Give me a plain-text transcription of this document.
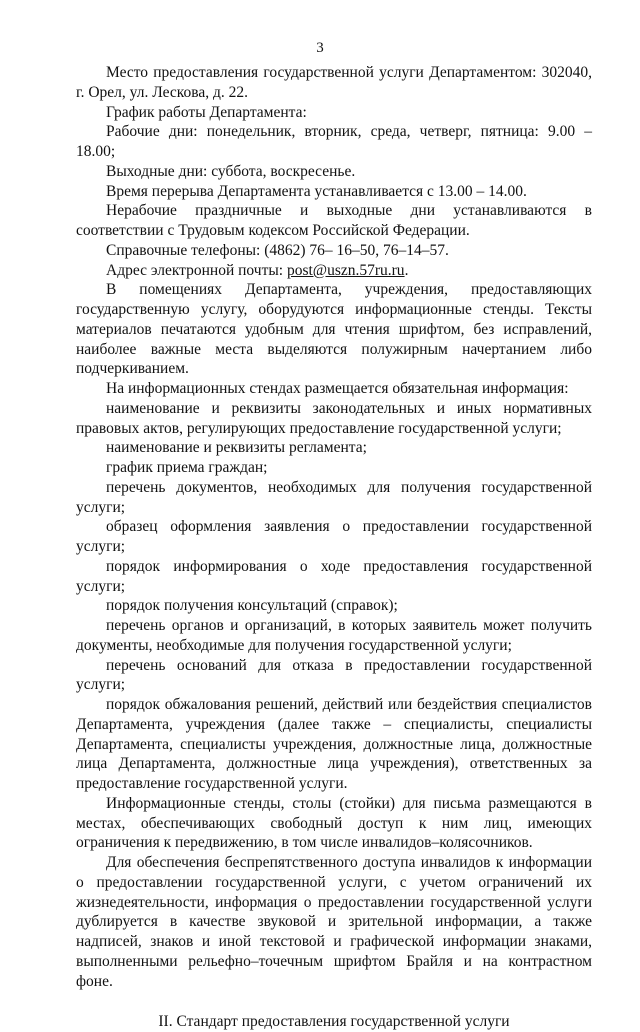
3

Место предоставления государственной услуги Департаментом: 302040, г. Орел, ул. Лескова, д. 22.

График работы Департамента:

Рабочие дни: понедельник, вторник, среда, четверг, пятница: 9.00 – 18.00;

Выходные дни: суббота, воскресенье.

Время перерыва Департамента устанавливается с 13.00 – 14.00.

Нерабочие праздничные и выходные дни устанавливаются в соответствии с Трудовым кодексом Российской Федерации.

Справочные телефоны: (4862) 76– 16–50, 76–14–57.

Адрес электронной почты: post@uszn.57ru.ru.

В помещениях Департамента, учреждения, предоставляющих государственную услугу, оборудуются информационные стенды. Тексты материалов печатаются удобным для чтения шрифтом, без исправлений, наиболее важные места выделяются полужирным начертанием либо подчеркиванием.

На информационных стендах размещается обязательная информация:

наименование и реквизиты законодательных и иных нормативных правовых актов, регулирующих предоставление государственной услуги;

наименование и реквизиты регламента;

график приема граждан;

перечень документов, необходимых для получения государственной услуги;

образец оформления заявления о предоставлении государственной услуги;

порядок информирования о ходе предоставления государственной услуги;

порядок получения консультаций (справок);

перечень органов и организаций, в которых заявитель может получить документы, необходимые для получения государственной услуги;

перечень оснований для отказа в предоставлении государственной услуги;

порядок обжалования решений, действий или бездействия специалистов Департамента, учреждения (далее также – специалисты, специалисты Департамента, специалисты учреждения, должностные лица, должностные лица Департамента, должностные лица учреждения), ответственных за предоставление государственной услуги.

Информационные стенды, столы (стойки) для письма размещаются в местах, обеспечивающих свободный доступ к ним лиц, имеющих ограничения к передвижению, в том числе инвалидов–колясочников.

Для обеспечения беспрепятственного доступа инвалидов к информации о предоставлении государственной услуги, с учетом ограничений их жизнедеятельности, информация о предоставлении государственной услуги дублируется в качестве звуковой и зрительной информации, а также надписей, знаков и иной текстовой и графической информации знаками, выполненными рельефно–точечным шрифтом Брайля и на контрастном фоне.

II. Стандарт предоставления государственной услуги
